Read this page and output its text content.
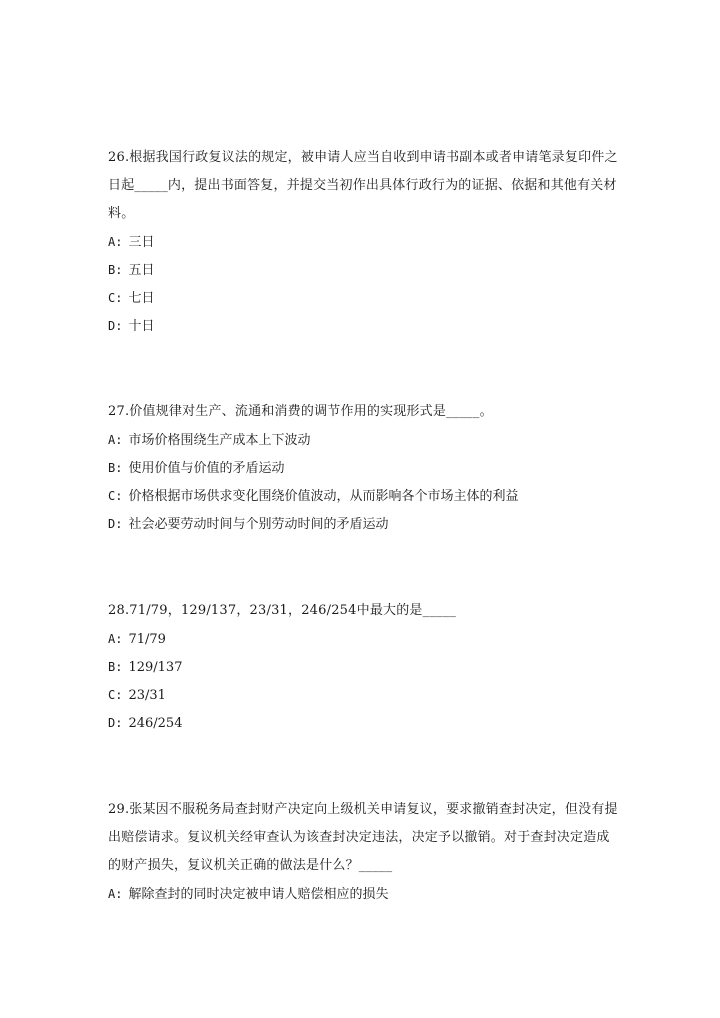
26.根据我国行政复议法的规定，被申请人应当自收到申请书副本或者申请笔录复印件之日起_____内，提出书面答复，并提交当初作出具体行政行为的证据、依据和其他有关材料。

A: 三日
B: 五日
C: 七日
D: 十日

27.价值规律对生产、流通和消费的调节作用的实现形式是_____。

A: 市场价格围绕生产成本上下波动
B: 使用价值与价值的矛盾运动
C: 价格根据市场供求变化围绕价值波动，从而影响各个市场主体的利益
D: 社会必要劳动时间与个别劳动时间的矛盾运动

28.71/79，129/137，23/31，246/254中最大的是_____

A: 71/79
B: 129/137
C: 23/31
D: 246/254

29.张某因不服税务局查封财产决定向上级机关申请复议，要求撤销查封决定，但没有提出赔偿请求。复议机关经审查认为该查封决定违法，决定予以撤销。对于查封决定造成的财产损失，复议机关正确的做法是什么？_____

A: 解除查封的同时决定被申请人赔偿相应的损失
